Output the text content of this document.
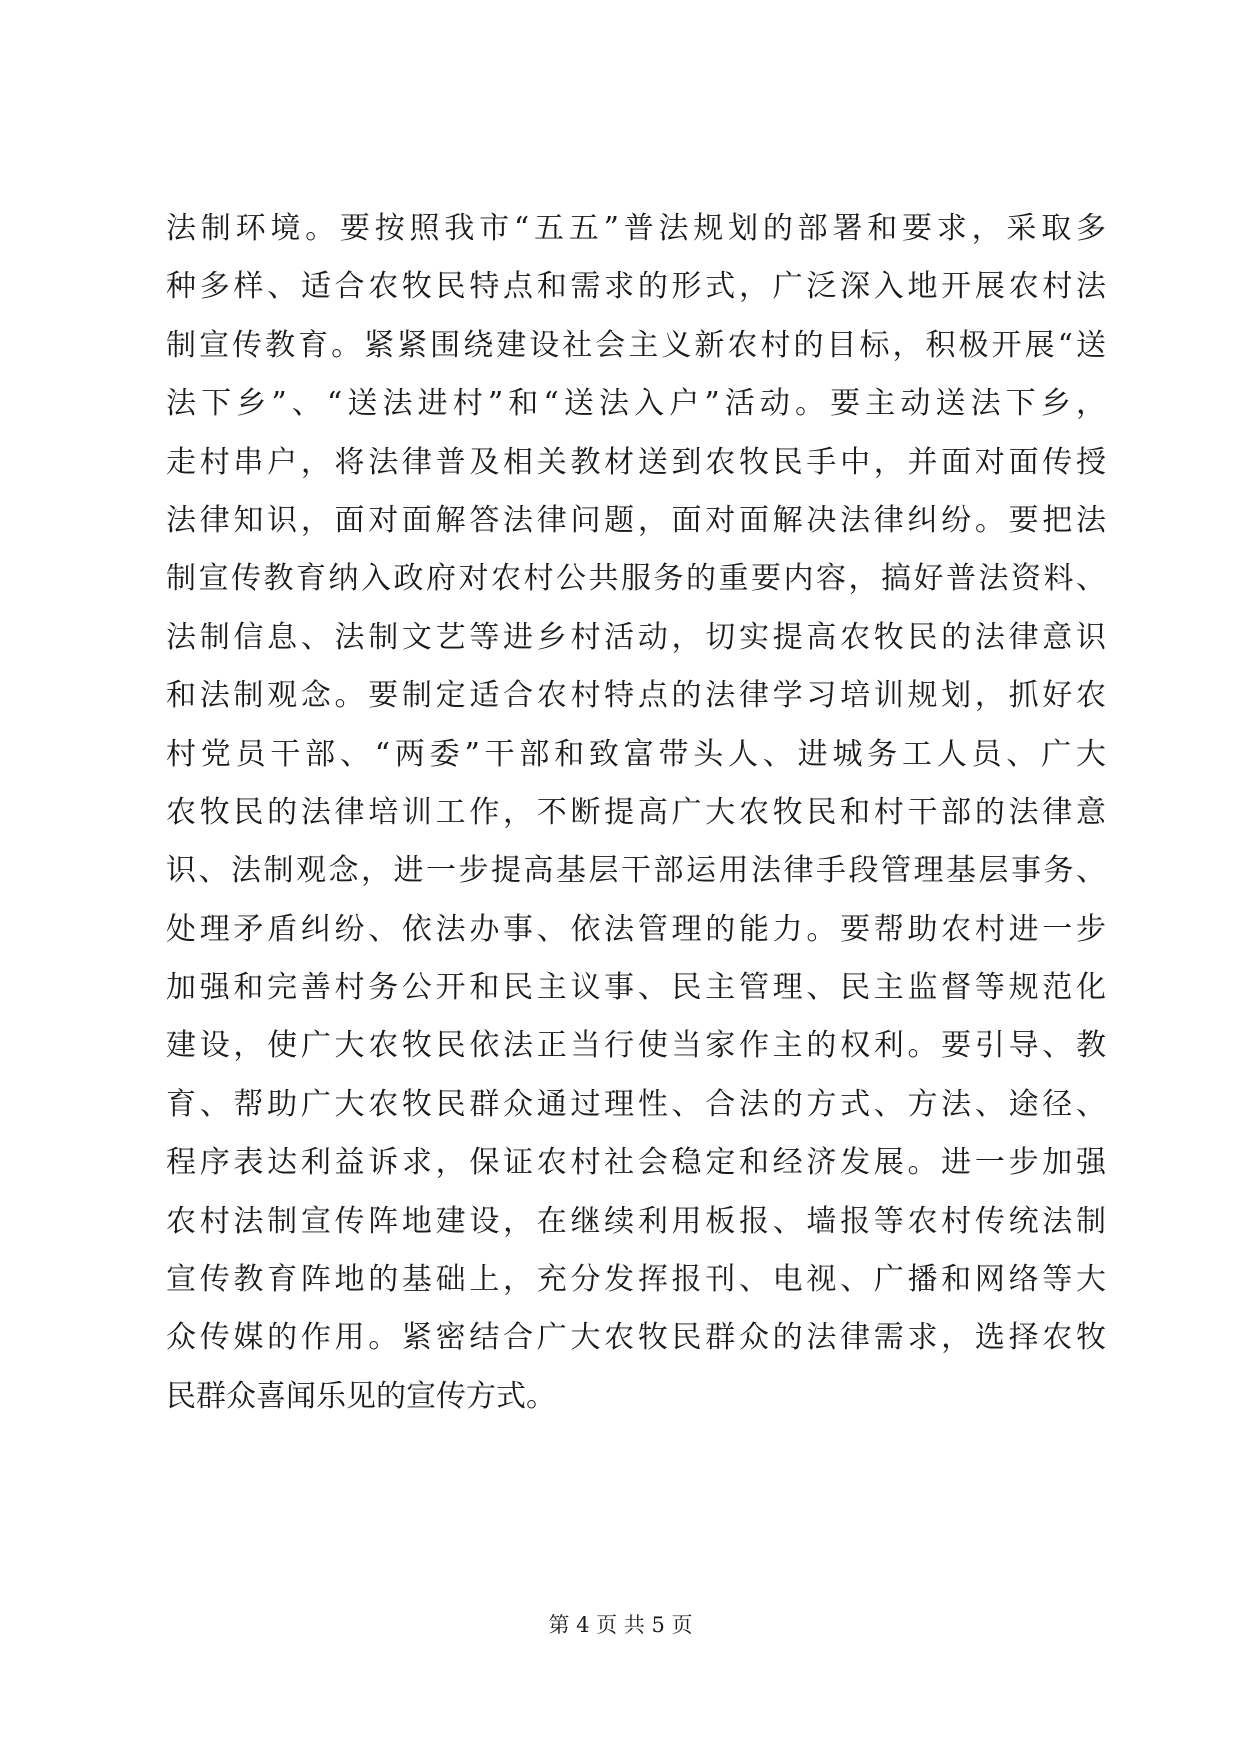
法制环境。要按照我市“五五”普法规划的部署和要求，采取多
种多样、适合农牧民特点和需求的形式，广泛深入地开展农村法
制宣传教育。紧紧围绕建设社会主义新农村的目标，积极开展“送
法下乡”、“送法进村”和“送法入户”活动。要主动送法下乡，
走村串户，将法律普及相关教材送到农牧民手中，并面对面传授
法律知识，面对面解答法律问题，面对面解决法律纠纷。要把法
制宣传教育纳入政府对农村公共服务的重要内容，搞好普法资料、
法制信息、法制文艺等进乡村活动，切实提高农牧民的法律意识
和法制观念。要制定适合农村特点的法律学习培训规划，抓好农
村党员干部、“两委”干部和致富带头人、进城务工人员、广大
农牧民的法律培训工作，不断提高广大农牧民和村干部的法律意
识、法制观念，进一步提高基层干部运用法律手段管理基层事务、
处理矛盾纠纷、依法办事、依法管理的能力。要帮助农村进一步
加强和完善村务公开和民主议事、民主管理、民主监督等规范化
建设，使广大农牧民依法正当行使当家作主的权利。要引导、教
育、帮助广大农牧民群众通过理性、合法的方式、方法、途径、
程序表达利益诉求，保证农村社会稳定和经济发展。进一步加强
农村法制宣传阵地建设，在继续利用板报、墙报等农村传统法制
宣传教育阵地的基础上，充分发挥报刊、电视、广播和网络等大
众传媒的作用。紧密结合广大农牧民群众的法律需求，选择农牧
民群众喜闻乐见的宣传方式。
第 4 页 共 5 页
